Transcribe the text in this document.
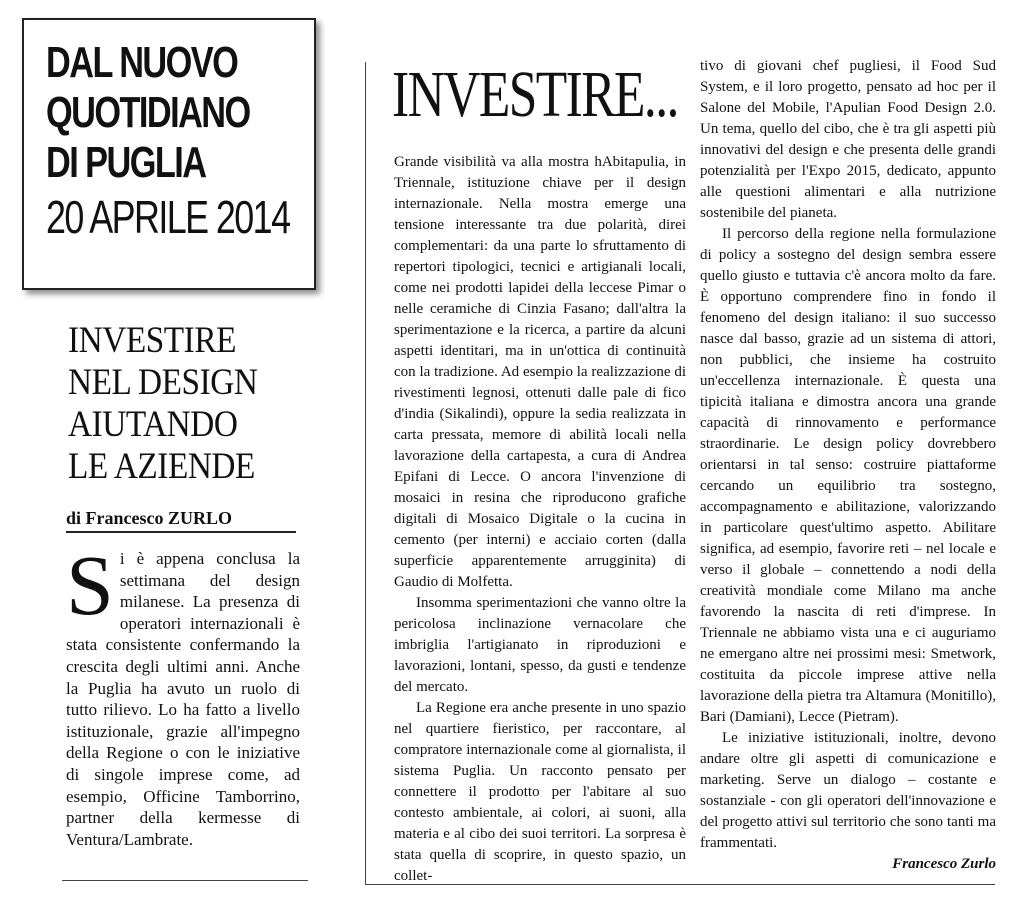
DAL NUOVO
QUOTIDIANO
DI PUGLIA
20 APRILE 2014
INVESTIRE
NEL DESIGN
AIUTANDO
LE AZIENDE
di Francesco ZURLO
Si è appena conclusa la settimana del design milanese. La presenza di operatori internazionali è stata consistente confermando la crescita degli ultimi anni. Anche la Puglia ha avuto un ruolo di tutto rilievo. Lo ha fatto a livello istituzionale, grazie all'impegno della Regione o con le iniziative di singole imprese come, ad esempio, Officine Tamborrino, partner della kermesse di Ventura/Lambrate.
INVESTIRE...

Grande visibilità va alla mostra hAbitapulia, in Triennale, istituzione chiave per il design internazionale. Nella mostra emerge una tensione interessante tra due polarità, direi complementari: da una parte lo sfruttamento di repertori tipologici, tecnici e artigianali locali, come nei prodotti lapidei della leccese Pimar o nelle ceramiche di Cinzia Fasano; dall'altra la sperimentazione e la ricerca, a partire da alcuni aspetti identitari, ma in un'ottica di continuità con la tradizione. Ad esempio la realizzazione di rivestimenti legnosi, ottenuti dalle pale di fico d'india (Sikalindi), oppure la sedia realizzata in carta pressata, memore di abilità locali nella lavorazione della cartapesta, a cura di Andrea Epifani di Lecce. O ancora l'invenzione di mosaici in resina che riproducono grafiche digitali di Mosaico Digitale o la cucina in cemento (per interni) e acciaio corten (dalla superficie apparentemente arrugginita) di Gaudio di Molfetta.

Insomma sperimentazioni che vanno oltre la pericolosa inclinazione vernacolare che imbriglia l'artigianato in riproduzioni e lavorazioni, lontani, spesso, da gusti e tendenze del mercato.

La Regione era anche presente in uno spazio nel quartiere fieristico, per raccontare, al compratore internazionale come al giornalista, il sistema Puglia. Un racconto pensato per connettere il prodotto per l'abitare al suo contesto ambientale, ai colori, ai suoni, alla materia e al cibo dei suoi territori. La sorpresa è stata quella di scoprire, in questo spazio, un collet-

tivo di giovani chef pugliesi, il Food Sud System, e il loro progetto, pensato ad hoc per il Salone del Mobile, l'Apulian Food Design 2.0. Un tema, quello del cibo, che è tra gli aspetti più innovativi del design e che presenta delle grandi potenzialità per l'Expo 2015, dedicato, appunto alle questioni alimentari e alla nutrizione sostenibile del pianeta.

Il percorso della regione nella formulazione di policy a sostegno del design sembra essere quello giusto e tuttavia c'è ancora molto da fare. È opportuno comprendere fino in fondo il fenomeno del design italiano: il suo successo nasce dal basso, grazie ad un sistema di attori, non pubblici, che insieme ha costruito un'eccellenza internazionale. È questa una tipicità italiana e dimostra ancora una grande capacità di rinnovamento e performance straordinarie. Le design policy dovrebbero orientarsi in tal senso: costruire piattaforme cercando un equilibrio tra sostegno, accompagnamento e abilitazione, valorizzando in particolare quest'ultimo aspetto. Abilitare significa, ad esempio, favorire reti – nel locale e verso il globale – connettendo a nodi della creatività mondiale come Milano ma anche favorendo la nascita di reti d'imprese. In Triennale ne abbiamo vista una e ci auguriamo ne emergano altre nei prossimi mesi: Smetwork, costituita da piccole imprese attive nella lavorazione della pietra tra Altamura (Monitillo), Bari (Damiani), Lecce (Pietram).

Le iniziative istituzionali, inoltre, devono andare oltre gli aspetti di comunicazione e marketing. Serve un dialogo – costante e sostanziale - con gli operatori dell'innovazione e del progetto attivi sul territorio che sono tanti ma frammentati.

Francesco Zurlo
